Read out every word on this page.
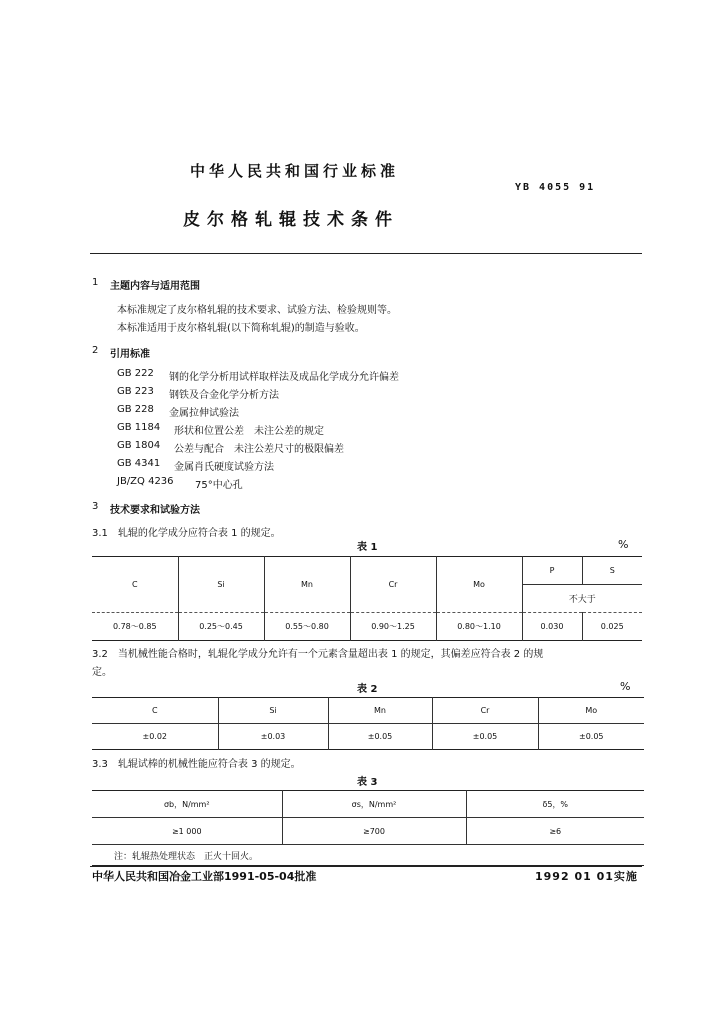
中华人民共和国行业标准
YB 4055 91
皮尔格轧辊技术条件
1 主题内容与适用范围
本标准规定了皮尔格轧辊的技术要求、试验方法、检验规则等。
本标准适用于皮尔格轧辊(以下简称轧辊)的制造与验收。
2 引用标准
GB 222 钢的化学分析用试样取样法及成品化学成分允许偏差
GB 223 钢铁及合金化学分析方法
GB 228 金属拉伸试验法
GB 1184 形状和位置公差　未注公差的规定
GB 1804 公差与配合　未注公差尺寸的极限偏差
GB 4341 金属肖氏硬度试验方法
JB/ZQ 4236 75°中心孔
3 技术要求和试验方法
3.1　轧辊的化学成分应符合表 1 的规定。
表 1	%
C	Si	Mn	Cr	Mo	P	S
					不大于	
0.78～0.85	0.25～0.45	0.55～0.80	0.90～1.25	0.80～1.10	0.030	0.025
3.2　当机械性能合格时，轧辊化学成分允许有一个元素含量超出表 1 的规定，其偏差应符合表 2 的规
定。
表 2	%
C	Si	Mn	Cr	Mo
±0.02	±0.03	±0.05	±0.05	±0.05
3.3　轧辊试棒的机械性能应符合表 3 的规定。
表 3
σb，N/mm²	σs，N/mm²	δ5，%
≥1 000	≥700	≥6
注：轧辊热处理状态　正火十回火。		
中华人民共和国冶金工业部1991-05-04批准	1992 01 01实施
